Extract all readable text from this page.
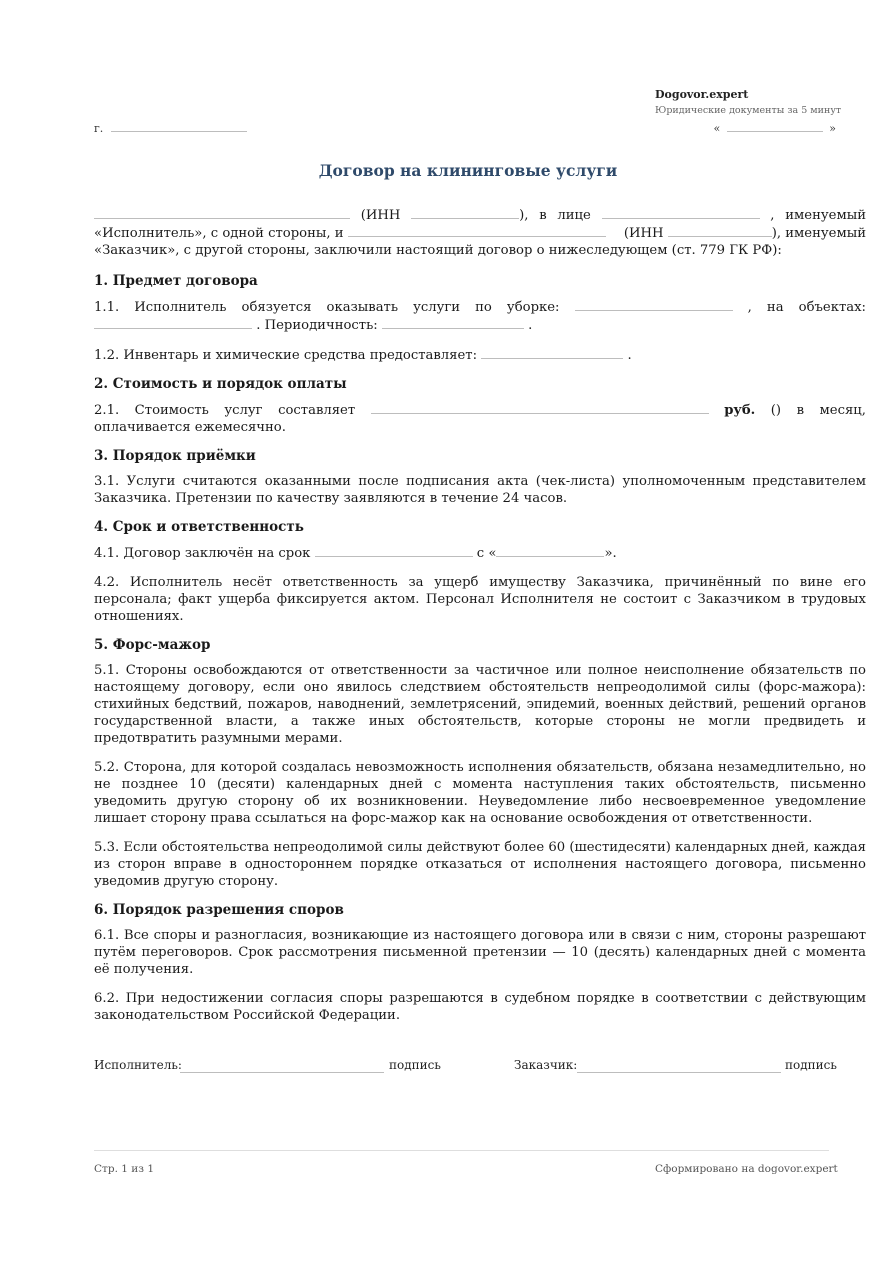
Dogovor.expert
Юридические документы за 5 минут
г.	«	»
Договор на клининговые услуги
(ИНН	), в лице	, именуемый
«Исполнитель», с одной стороны, и	(ИНН	), именуемый
«Заказчик», с другой стороны, заключили настоящий договор о нижеследующем (ст. 779 ГК РФ):
1. Предмет договора
1.1. Исполнитель обязуется оказывать услуги по уборке:	, на объектах:
. Периодичность:	.
1.2. Инвентарь и химические средства предоставляет:	.
2. Стоимость и порядок оплаты
2.1. Стоимость услуг составляет	руб. () в месяц,
оплачивается ежемесячно.
3. Порядок приёмки
3.1. Услуги считаются оказанными после подписания акта (чек-листа) уполномоченным представителем Заказчика. Претензии по качеству заявляются в течение 24 часов.
4. Срок и ответственность
4.1. Договор заключён на срок	с «	».
4.2. Исполнитель несёт ответственность за ущерб имуществу Заказчика, причинённый по вине его персонала; факт ущерба фиксируется актом. Персонал Исполнителя не состоит с Заказчиком в трудовых отношениях.
5. Форс-мажор
5.1. Стороны освобождаются от ответственности за частичное или полное неисполнение обязательств по настоящему договору, если оно явилось следствием обстоятельств непреодолимой силы (форс-мажора): стихийных бедствий, пожаров, наводнений, землетрясений, эпидемий, военных действий, решений органов государственной власти, а также иных обстоятельств, которые стороны не могли предвидеть и предотвратить разумными мерами.
5.2. Сторона, для которой создалась невозможность исполнения обязательств, обязана незамедлительно, но не позднее 10 (десяти) календарных дней с момента наступления таких обстоятельств, письменно уведомить другую сторону об их возникновении. Неуведомление либо несвоевременное уведомление лишает сторону права ссылаться на форс-мажор как на основание освобождения от ответственности.
5.3. Если обстоятельства непреодолимой силы действуют более 60 (шестидесяти) календарных дней, каждая из сторон вправе в одностороннем порядке отказаться от исполнения настоящего договора, письменно уведомив другую сторону.
6. Порядок разрешения споров
6.1. Все споры и разногласия, возникающие из настоящего договора или в связи с ним, стороны разрешают путём переговоров. Срок рассмотрения письменной претензии — 10 (десять) календарных дней с момента её получения.
6.2. При недостижении согласия споры разрешаются в судебном порядке в соответствии с действующим законодательством Российской Федерации.
Исполнитель:	подпись	Заказчик:	подпись
Стр. 1 из 1	Сформировано на dogovor.expert
